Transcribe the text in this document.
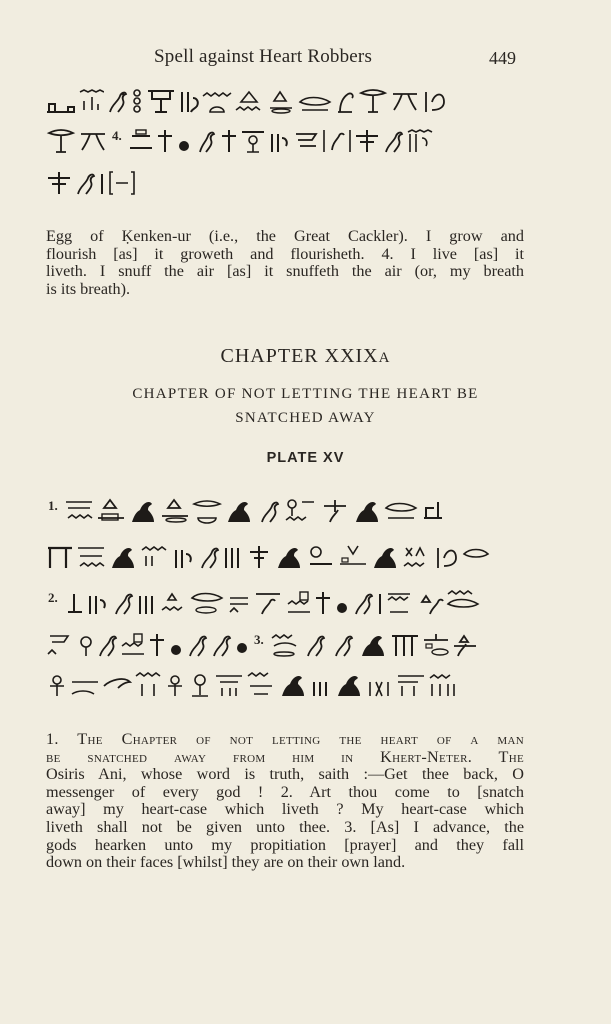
Spell against Heart Robbers	449
4.
Egg of Ḳenken-ur (i.e., the Great Cackler). I grow and
flourish [as] it groweth and flourisheth. 4. I live [as] it
liveth. I snuff the air [as] it snuffeth the air (or, my breath
is its breath).
CHAPTER XXIXA
CHAPTER OF NOT LETTING THE HEART BE
SNATCHED AWAY
PLATE XV
1.
2.
3.
1. The Chapter of not letting the heart of a man
be snatched away from him in Khert-Neter. The
Osiris Ani, whose word is truth, saith :—Get thee back, O
messenger of every god ! 2. Art thou come to [snatch
away] my heart-case which liveth ? My heart-case which
liveth shall not be given unto thee. 3. [As] I advance, the
gods hearken unto my propitiation [prayer] and they fall
down on their faces [whilst] they are on their own land.
